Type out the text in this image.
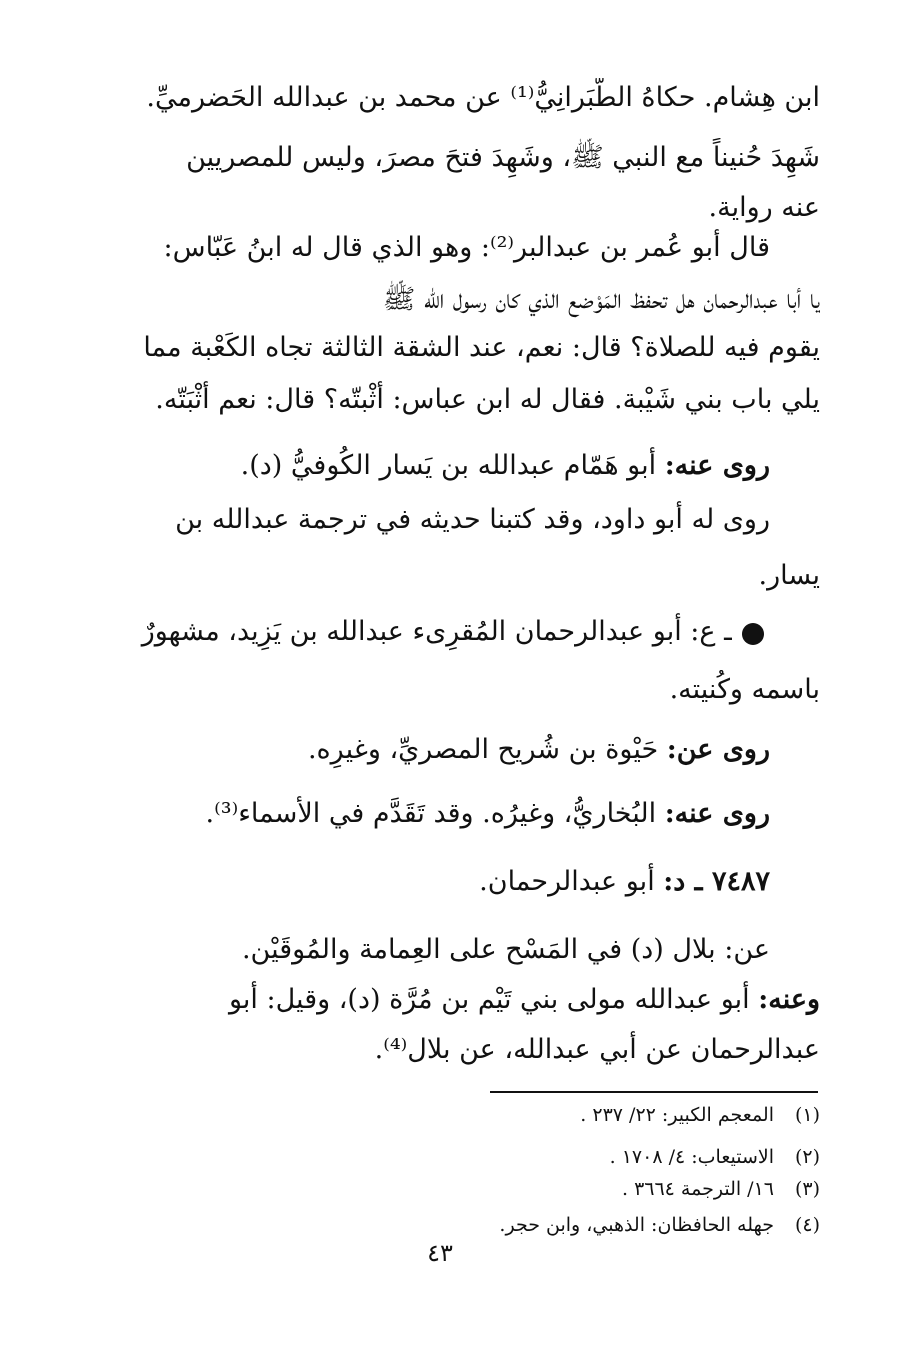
ابن هِشام. حكاهُ الطَّبَرانِيُّ⁽¹⁾ عن محمد بن عبدالله الحَضرميِّ.
شَهِدَ حُنيناً مع النبي ﷺ، وشَهِدَ فتحَ مصرَ، وليس للمصريين
عنه رواية.
قال أبو عُمر بن عبدالبر⁽²⁾: وهو الذي قال له ابنُ عَبّاس:
يا أبا عبدالرحمان هل تحفظ المَوْضع الذي كان رسول الله ﷺ
يقوم فيه للصلاة؟ قال: نعم، عند الشقة الثالثة تجاه الكَعْبة مما
يلي باب بني شَيْبة. فقال له ابن عباس: أثْبتّه؟ قال: نعم أثْبَتّه.
روى عنه: أبو هَمّام عبدالله بن يَسار الكُوفيُّ (د).
روى له أبو داود، وقد كتبنا حديثه في ترجمة عبدالله بن
يسار.
ـ ع: أبو عبدالرحمان المُقرِىء عبدالله بن يَزِيد، مشهورٌ
باسمه وكُنيته.
روى عن: حَيْوة بن شُريح المصريِّ، وغيرِه.
روى عنه: البُخاريُّ، وغيرُه. وقد تَقَدَّم في الأسماء⁽³⁾.
٧٤٨٧ ـ د: أبو عبدالرحمان.
عن: بلال (د) في المَسْح على العِمامة والمُوقَيْن.
وعنه: أبو عبدالله مولى بني تَيْم بن مُرَّة (د)، وقيل: أبو
عبدالرحمان عن أبي عبدالله، عن بلال⁽⁴⁾.
(١)المعجم الكبير: ٢٢/ ٢٣٧ .
(٢)الاستيعاب: ٤/ ١٧٠٨ .
(٣)١٦/ الترجمة ٣٦٦٤ .
(٤)جهله الحافظان: الذهبي، وابن حجر.
٤٣
